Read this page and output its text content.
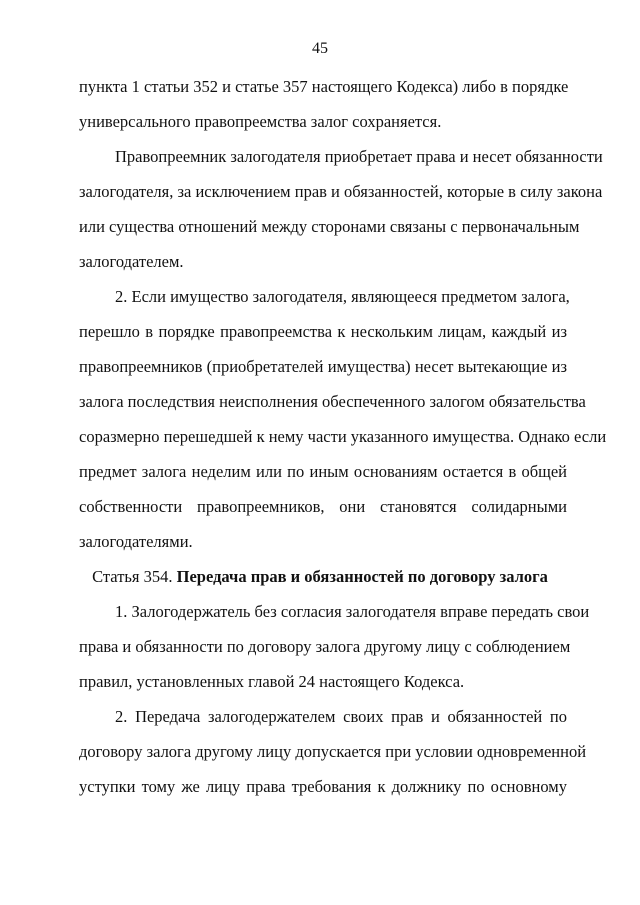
45
пункта 1 статьи 352 и статье 357 настоящего Кодекса) либо в порядке
универсального правопреемства залог сохраняется.
Правопреемник залогодателя приобретает права и несет обязанности
залогодателя, за исключением прав и обязанностей, которые в силу закона
или существа отношений между сторонами связаны с первоначальным
залогодателем.
2. Если имущество залогодателя, являющееся предметом залога,
перешло в порядке правопреемства к нескольким лицам, каждый из
правопреемников (приобретателей имущества) несет вытекающие из
залога последствия неисполнения обеспеченного залогом обязательства
соразмерно перешедшей к нему части указанного имущества. Однако если
предмет залога неделим или по иным основаниям остается в общей
собственности правопреемников, они становятся солидарными
залогодателями.
Статья 354. Передача прав и обязанностей по договору залога
1. Залогодержатель без согласия залогодателя вправе передать свои
права и обязанности по договору залога другому лицу с соблюдением
правил, установленных главой 24 настоящего Кодекса.
2. Передача залогодержателем своих прав и обязанностей по
договору залога другому лицу допускается при условии одновременной
уступки тому же лицу права требования к должнику по основному
